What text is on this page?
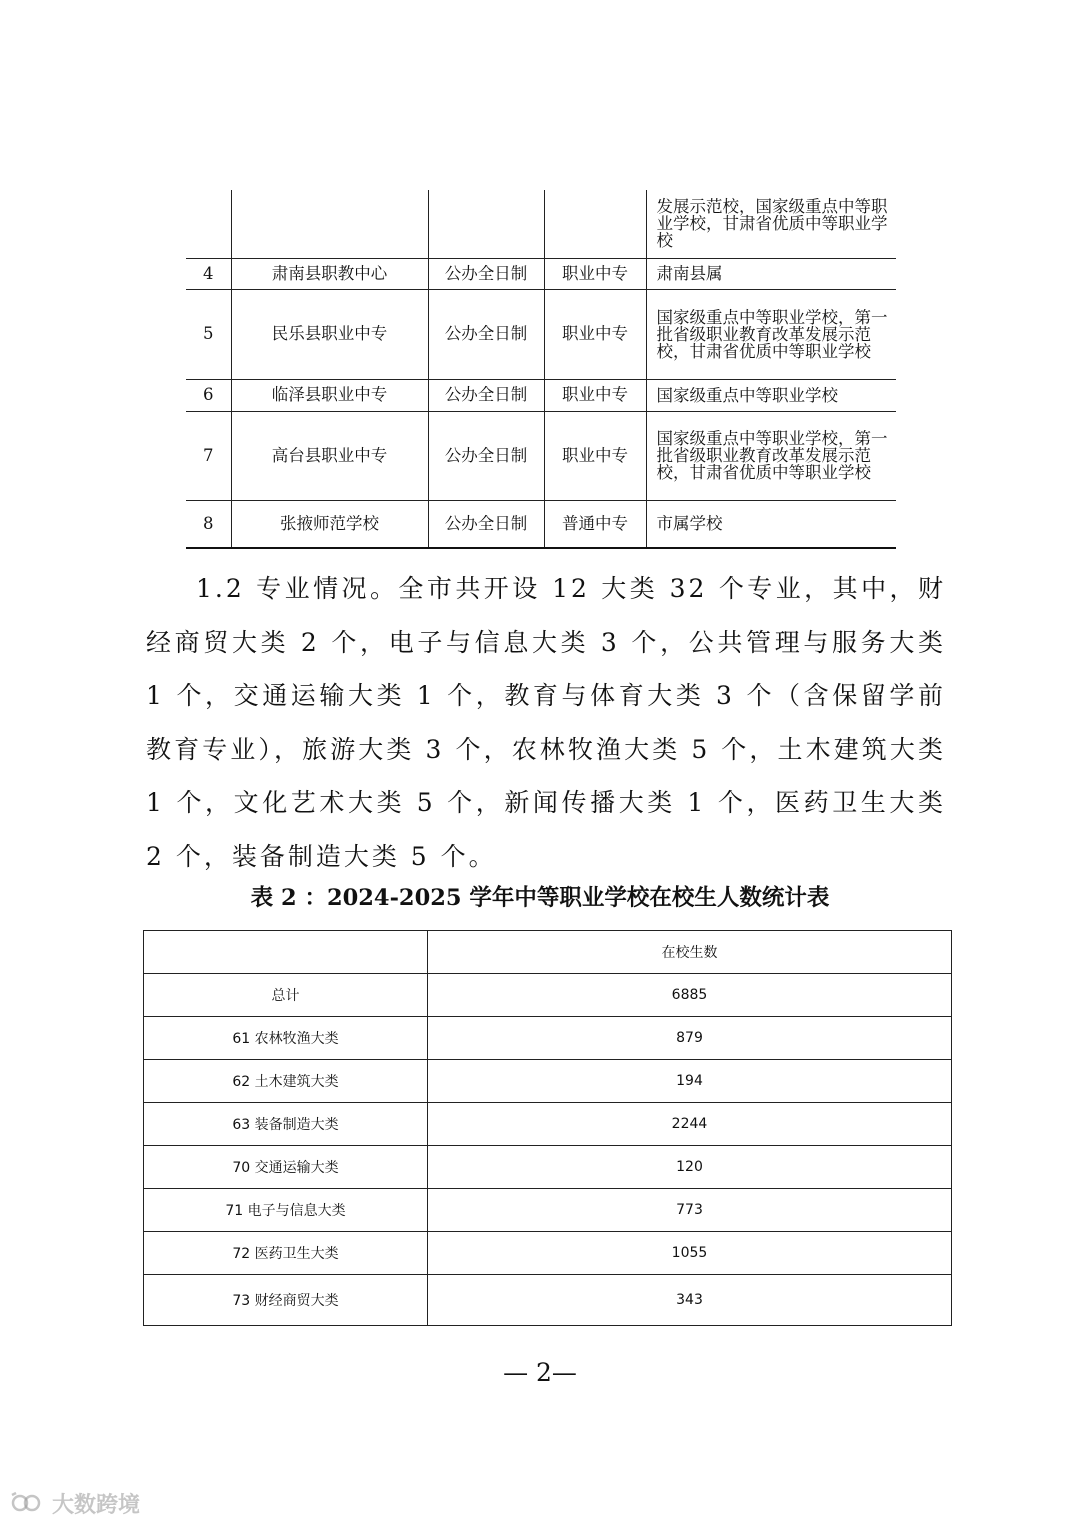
				发展示范校，国家级重点中等职业学校，甘肃省优质中等职业学校
4	肃南县职教中心	公办全日制	职业中专	肃南县属
5	民乐县职业中专	公办全日制	职业中专	国家级重点中等职业学校，第一批省级职业教育改革发展示范校，甘肃省优质中等职业学校
6	临泽县职业中专	公办全日制	职业中专	国家级重点中等职业学校
7	高台县职业中专	公办全日制	职业中专	国家级重点中等职业学校，第一批省级职业教育改革发展示范校，甘肃省优质中等职业学校
8	张掖师范学校	公办全日制	普通中专	市属学校

1.2 专业情况。全市共开设 12 大类 32 个专业，其中，财经商贸大类 2 个，电子与信息大类 3 个，公共管理与服务大类 1 个，交通运输大类 1 个，教育与体育大类 3 个（含保留学前教育专业），旅游大类 3 个，农林牧渔大类 5 个，土木建筑大类 1 个，文化艺术大类 5 个，新闻传播大类 1 个，医药卫生大类 2 个，装备制造大类 5 个。

表 2 ：2024-2025 学年中等职业学校在校生人数统计表

	在校生数
总计	6885
61 农林牧渔大类	879
62 土木建筑大类	194
63 装备制造大类	2244
70 交通运输大类	120
71 电子与信息大类	773
72 医药卫生大类	1055
73 财经商贸大类	343

— 2—

大数跨境
